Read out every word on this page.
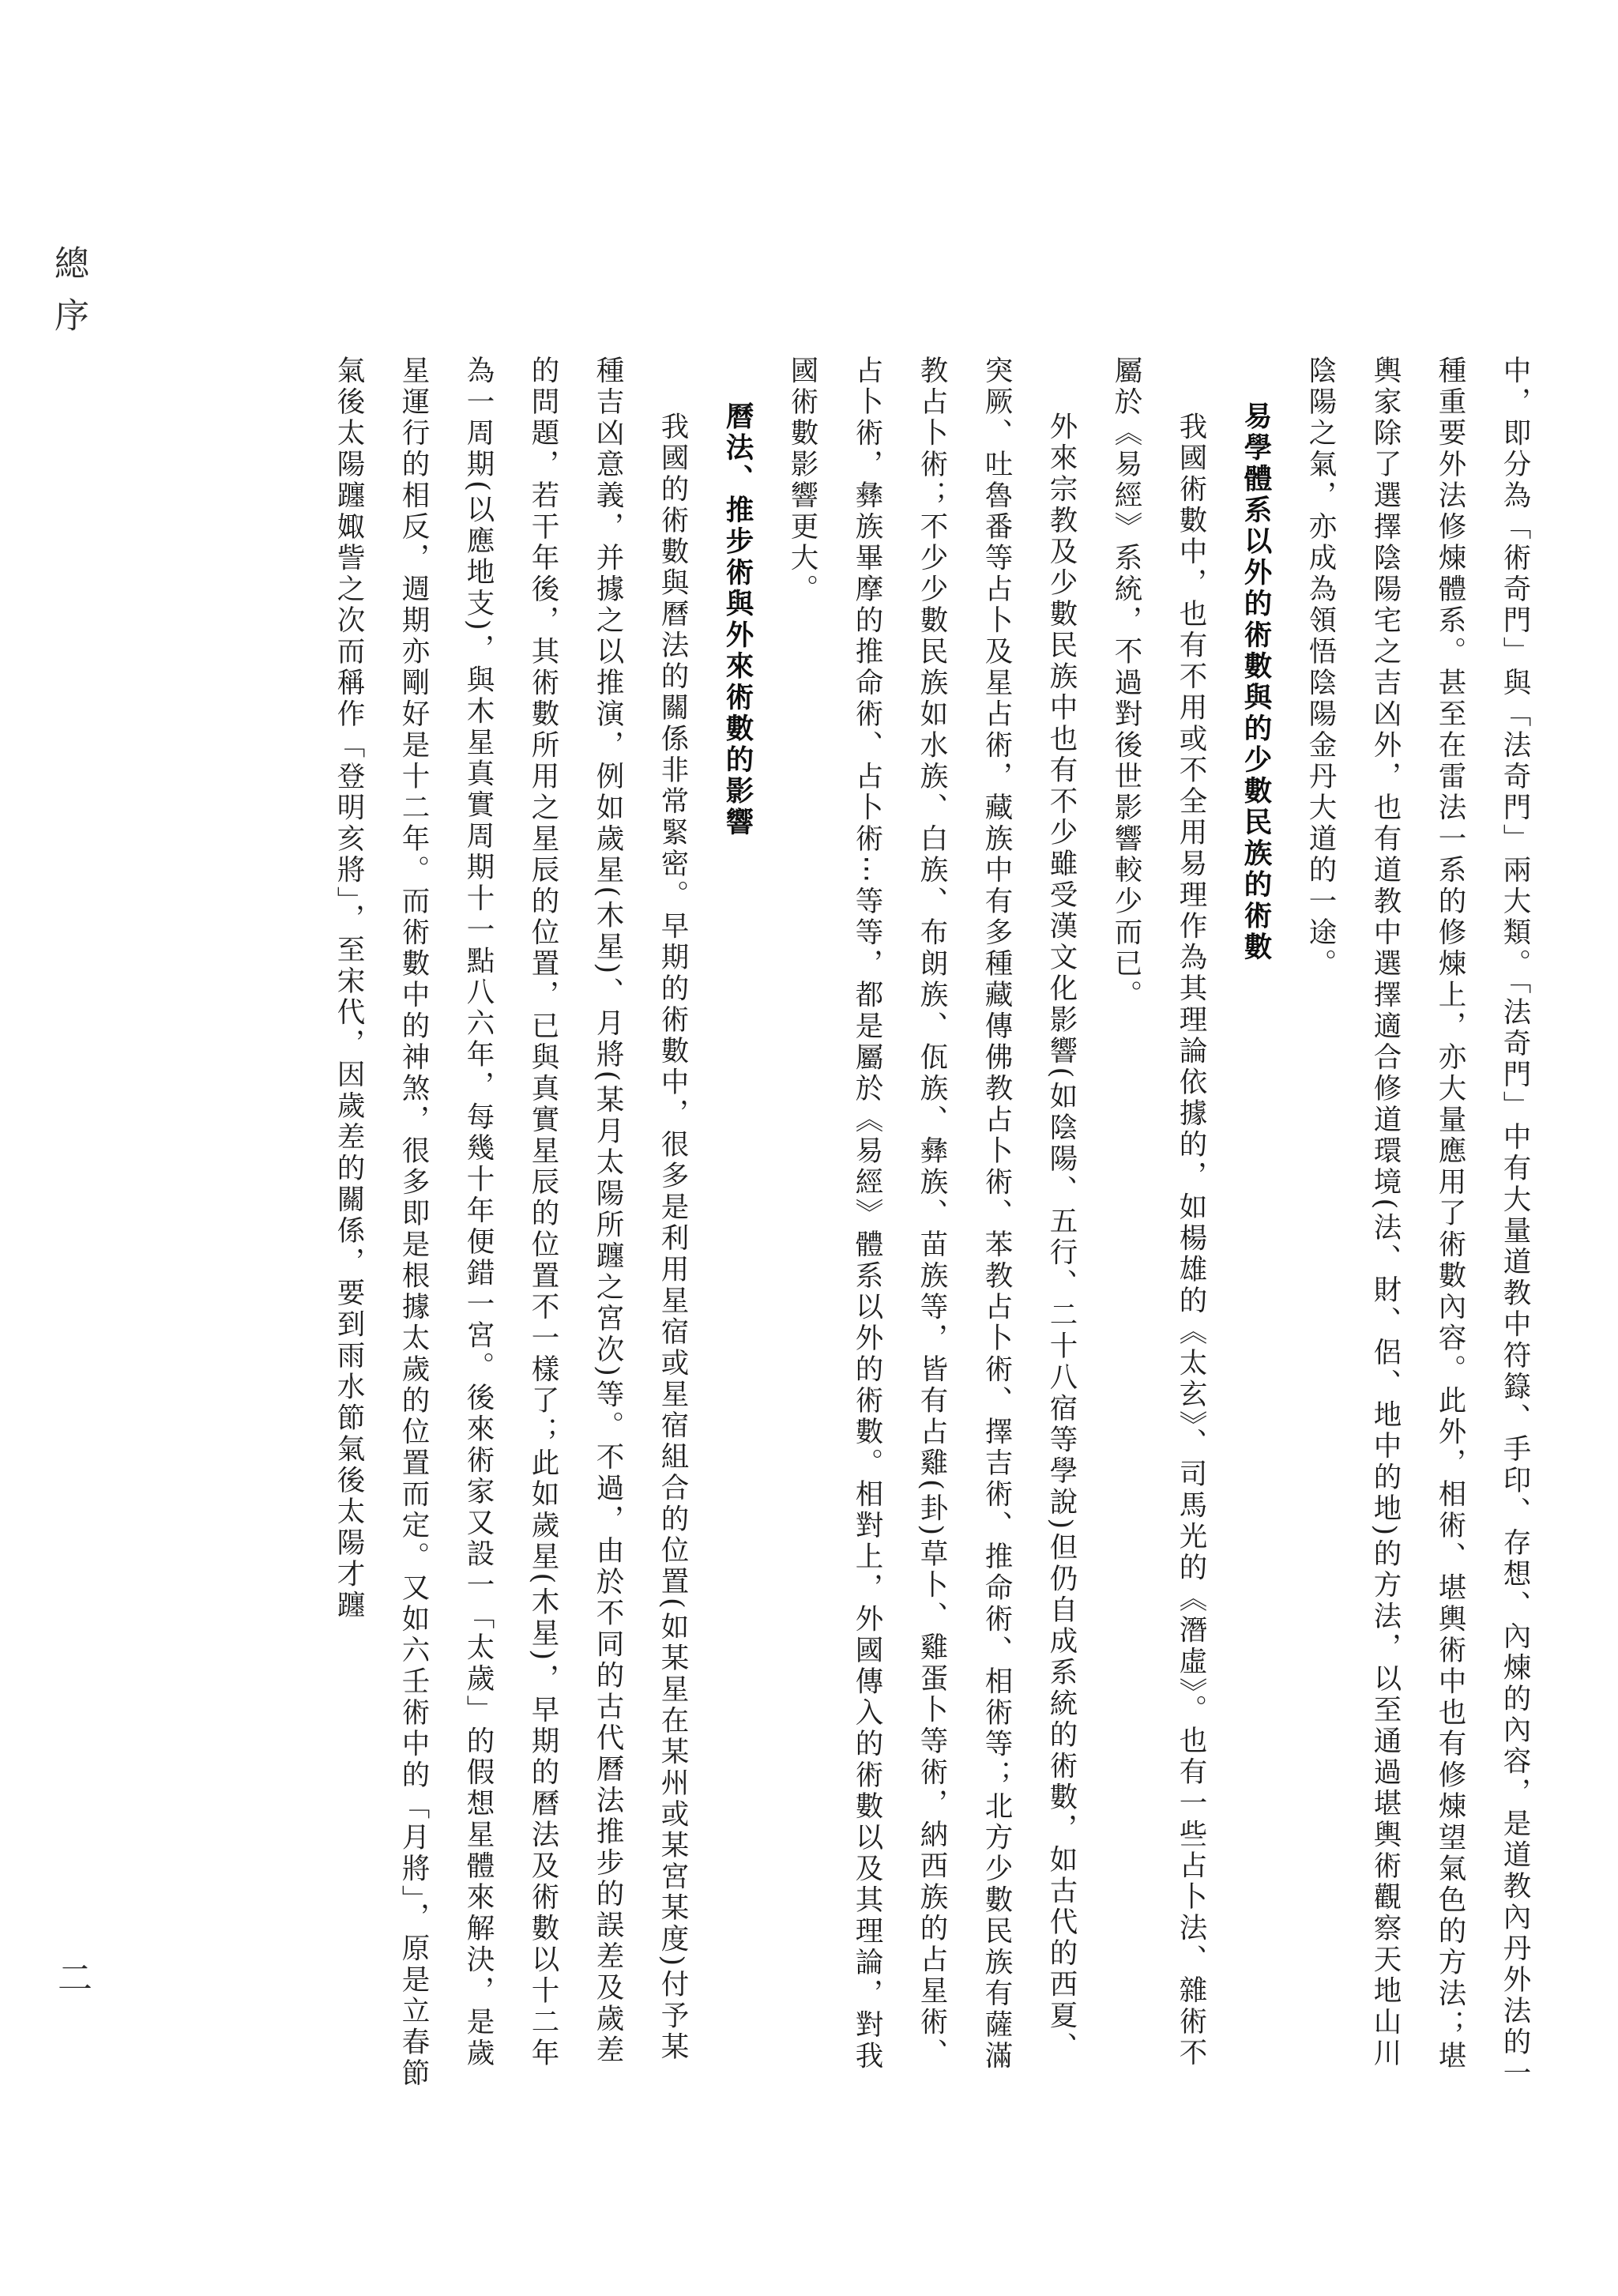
總序

中，即分為「術奇門」與「法奇門」兩大類。「法奇門」中有大量道教中符籙、手印、存想、內煉的內容，是道教內丹外法的一種重要外法修煉體系。甚至在雷法一系的修煉上，亦大量應用了術數內容。此外，相術、堪輿術中也有修煉望氣色的方法；堪輿家除了選擇陰陽宅之吉凶外，也有道教中選擇適合修道環境(法、財、侶、地中的地)的方法，以至通過堪輿術觀察天地山川陰陽之氣，亦成為領悟陰陽金丹大道的一途。

易學體系以外的術數與的少數民族的術數

我國術數中，也有不用或不全用易理作為其理論依據的，如楊雄的《太玄》、司馬光的《潛虛》。也有一些占卜法、雜術不屬於《易經》系統，不過對後世影響較少而已。

外來宗教及少數民族中也有不少雖受漢文化影響(如陰陽、五行、二十八宿等學說)但仍自成系統的術數，如古代的西夏、突厥、吐魯番等占卜及星占術，藏族中有多種藏傳佛教占卜術、苯教占卜術、擇吉術、推命術、相術等；北方少數民族有薩滿教占卜術；不少少數民族如水族、白族、布朗族、佤族、彝族、苗族等，皆有占雞(卦)草卜、雞蛋卜等術，納西族的占星術、占卜術，彝族畢摩的推命術、占卜術⋯等等，都是屬於《易經》體系以外的術數。相對上，外國傳入的術數以及其理論，對我國術數影響更大。

曆法、推步術與外來術數的影響

我國的術數與曆法的關係非常緊密。早期的術數中，很多是利用星宿或星宿組合的位置(如某星在某州或某宮某度)付予某種吉凶意義，并據之以推演，例如歲星(木星)、月將(某月太陽所躔之宮次)等。不過，由於不同的古代曆法推步的誤差及歲差的問題，若干年後，其術數所用之星辰的位置，已與真實星辰的位置不一樣了；此如歲星(木星)，早期的曆法及術數以十二年為一周期(以應地支)，與木星真實周期十一點八六年，每幾十年便錯一宮。後來術家又設一「太歲」的假想星體來解決，是歲星運行的相反，週期亦剛好是十二年。而術數中的神煞，很多即是根據太歲的位置而定。又如六壬術中的「月將」，原是立春節氣後太陽躔娵訾之次而稱作「登明亥將」，至宋代，因歲差的關係，要到雨水節氣後太陽才躔

二
